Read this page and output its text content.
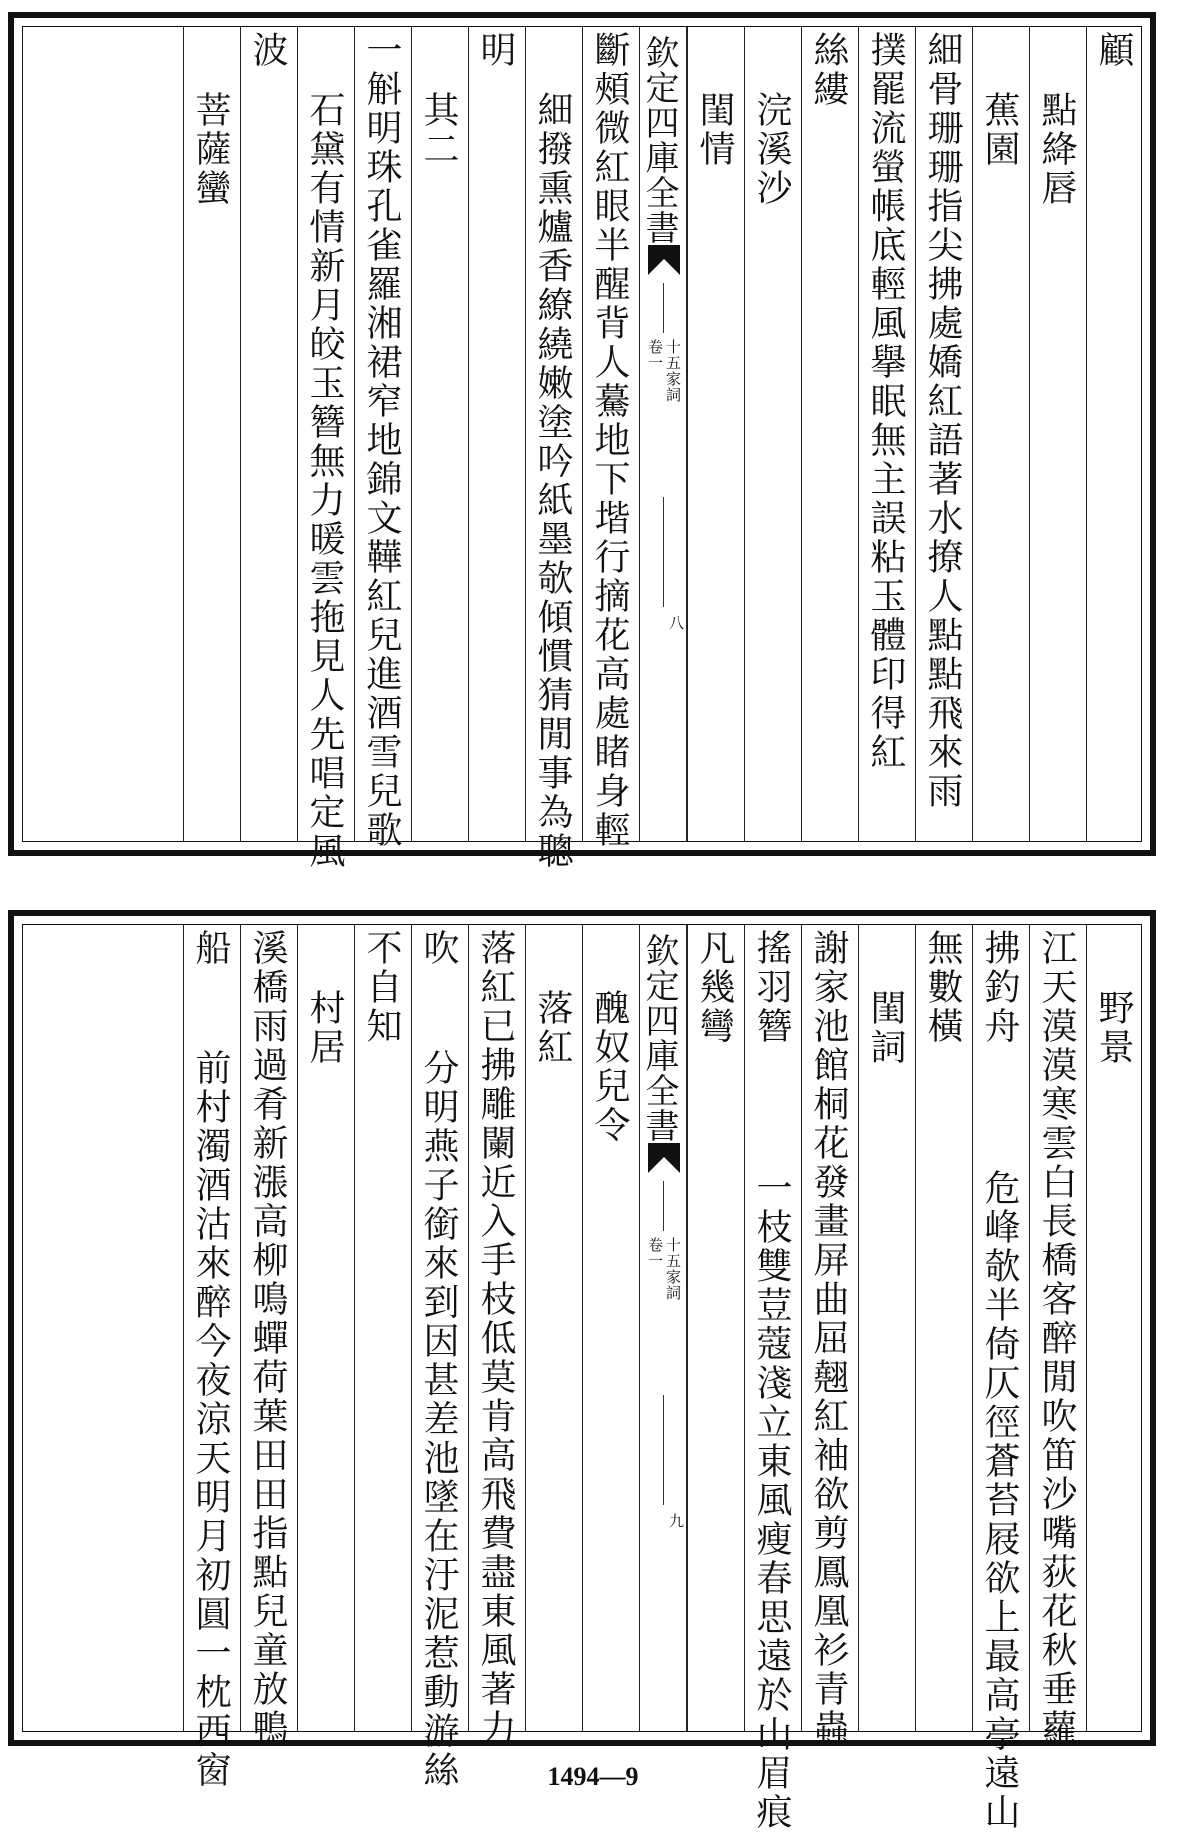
顧
點絳唇
蕉園
細骨珊珊指尖拂處嬌紅語著水撩人點點飛來雨
撲罷流螢帳底輕風擧眠無主誤粘玉體印得紅
絲縷
浣溪沙
閨情
欽定四庫全書
十五家詞
卷一
八
斷頰微紅眼半醒背人驀地下堦行摘花高處睹身輕
細撥熏爐香繚繞嫩塗吟紙墨欹傾慣猜閒事為聰
明
其二
一斛明珠孔雀羅湘裙窄地錦文鞾紅兒進酒雪兒歌
石黛有情新月皎玉簪無力暖雲拖見人先唱定風
波
菩薩蠻
野景
江天漠漠寒雲白長橋客醉閒吹笛沙嘴荻花秋垂蘿
拂釣舟
危峰欹半倚仄徑蒼苔屐欲上最高亭遠山
無數橫
閨詞
謝家池館桐花發畫屏曲屈翹紅袖欲剪鳳凰衫青蟲
搖羽簪
一枝雙荳蔻淺立東風瘦春思遠於山眉痕
凡幾彎
欽定四庫全書
十五家詞
卷一
九
醜奴兒令
落紅
落紅已拂雕闌近入手枝低莫肯高飛費盡東風著力
吹
分明燕子銜來到因甚差池墜在汙泥惹動游絲
不自知
村居
溪橋雨過肴新漲高柳鳴蟬荷葉田田指點兒童放鴨
船
前村濁酒沽來醉今夜涼天明月初圓一枕西窗	1494—9
